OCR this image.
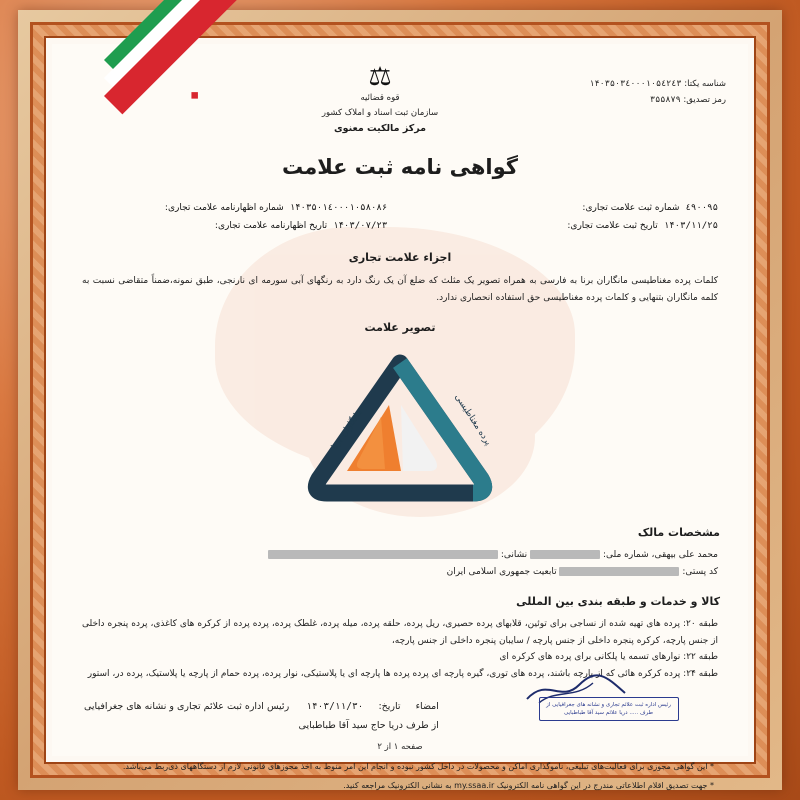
◆
شناسه یکتا: ۱۴۰۳۵۰۳٤۰۰۰۱۰۵٤۲٤۳
رمز تصدیق: ۳۵۵۸۷۹
⚖
قوه قضائیه
سازمان ثبت اسناد و املاک کشور
مرکز مالکیت معنوی
گواهی نامه ثبت علامت
٤۹۰۰۹۵
شماره ثبت علامت تجاری:
۱۴۰۳/۱۱/۲۵
تاریخ ثبت علامت تجاری:
۱۴۰۳۵۰۱٤۰۰۰۱۰۵۸۰۸۶
شماره اظهارنامه علامت تجاری:
۱۴۰۳/۰۷/۲۳
تاریخ اظهارنامه علامت تجاری:
اجزاء علامت تجاری
کلمات پرده مغناطیسی مانگاران برنا به فارسی به همراه تصویر یک مثلث که ضلع آن یک رنگ دارد به رنگهای آبی سورمه ای نارنجی، طبق نمونه،ضمناً متقاضی نسبت به کلمه مانگاران بتنهایی و کلمات پرده مغناطیسی حق استفاده انحصاری ندارد.
تصویر علامت
پرده مغناطیسی
مانگاران برنا
مشخصات مالک
محمد علی بیهقی، شماره ملی:   نشانی:
کد پستی:   تابعیت جمهوری اسلامی ایران
کالا و خدمات و طبقه بندی بین المللی
طبقه ۲۰: پرده های تهیه شده از نساجی برای توئین، قلابهای پرده حصیری، ریل پرده، حلقه پرده، میله پرده، غلطک پرده، پرده پرده از کرکره های کاغذی، پرده پنجره داخلی از جنس پارچه، کرکره پنجره داخلی از جنس پارچه / سایبان پنجره داخلی از جنس پارچه،
طبقه ۲۲: نوارهای تسمه یا پلکانی برای پرده های کرکره ای
طبقه ۲۴: پرده کرکره هائی که از پارچه باشند، پرده های توری، گیره پارچه ای پرده پرده ها پارچه ای یا پلاستیکی، نوار پرده، پرده حمام از پارچه یا پلاستیک، پرده در، استور
رئیس اداره ثبت علائم تجاری و نشانه های جغرافیایی از طرف ..... دریا علائم سید آقا طباطبایی
امضاء تاریخ: ۱۴۰۳/۱۱/۳۰ رئیس اداره ثبت علائم تجاری و نشانه های جغرافیایی
از طرف دریا حاج سید آقا طباطبایی
* این گواهی مجوزی برای فعالیت‌های تبلیغی، ناموگذاری اماکن و محصولات در داخل کشور نبوده و انجام این امر منوط به اخذ مجوزهای قانونی لازم از دستگاههای ذی‌ربط می‌باشد.
* جهت تصدیق اقلام اطلاعاتی مندرج در این گواهی نامه الکترونیک my.ssaa.ir به نشانی الکترونیک مراجعه کنید.
صفحه ۱ از ۲
